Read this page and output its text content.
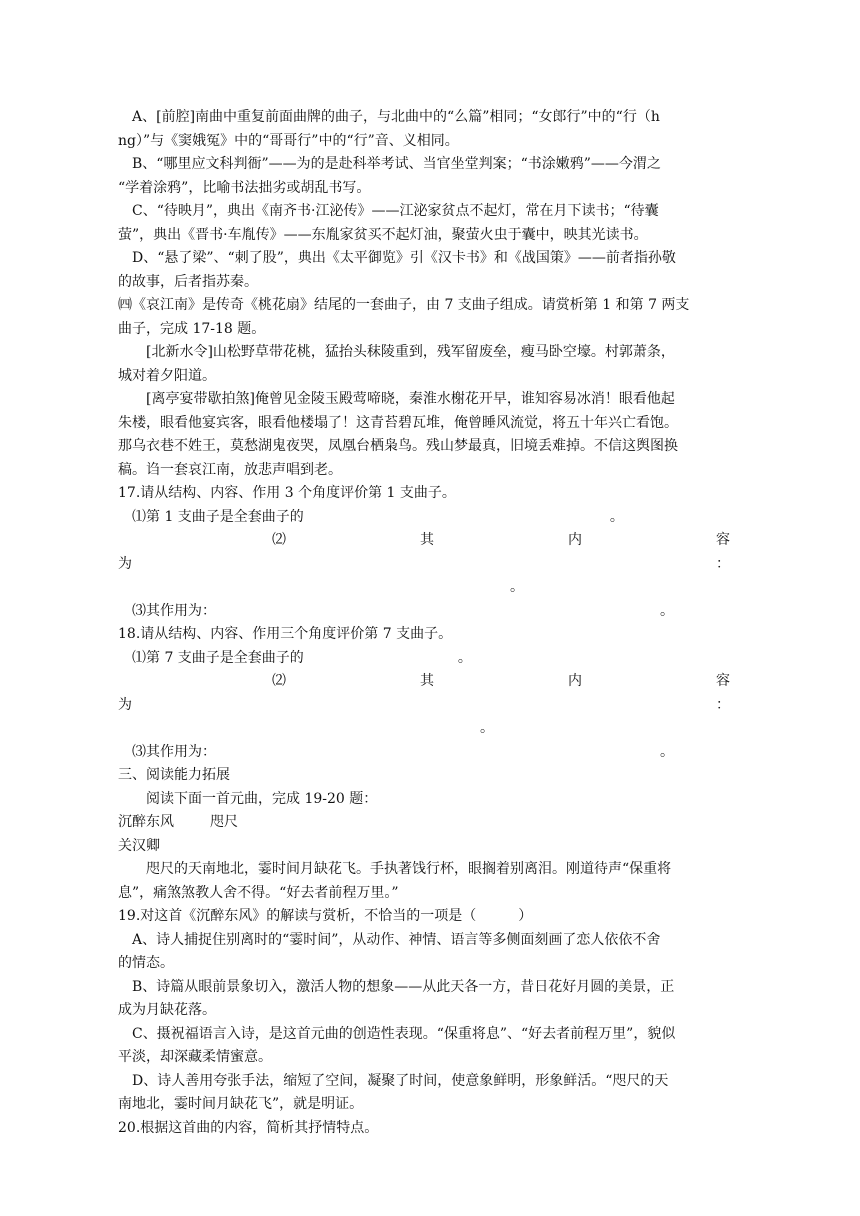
A、[前腔]南曲中重复前面曲牌的曲子，与北曲中的“么篇”相同；“女郎行”中的“行（h
ng）”与《窦娥冤》中的“哥哥行”中的“行”音、义相同。
B、“哪里应文科判衙”——为的是赴科举考试、当官坐堂判案；“书涂嫩鸦”——今渭之
“学着涂鸦”，比喻书法拙劣或胡乱书写。
C、“待映月”，典出《南齐书·江泌传》——江泌家贫点不起灯，常在月下读书；“待囊
萤”，典出《晋书·车胤传》——东胤家贫买不起灯油，聚萤火虫于囊中，映其光读书。
D、“悬了梁”、“刺了股”，典出《太平御览》引《汉卡书》和《战国策》——前者指孙敬
的故事，后者指苏秦。
㈣《哀江南》是传奇《桃花扇》结尾的一套曲子，由 7 支曲子组成。请赏析第 1 和第 7 两支
曲子，完成 17-18 题。
[北新水令]山松野草带花桃，猛抬头秣陵重到，残军留废垒，瘦马卧空壕。村郭萧条，
城对着夕阳道。
[离亭宴带歇拍煞]俺曾见金陵玉殿莺啼晓，秦淮水榭花开早，谁知容易冰消！眼看他起
朱楼，眼看他宴宾客，眼看他楼塌了！这青苔碧瓦堆，俺曾睡风流觉，将五十年兴亡看饱。
那乌衣巷不姓王，莫愁湖鬼夜哭，凤凰台栖枭鸟。残山梦最真，旧境丢难掉。不信这舆图换
稿。诌一套哀江南，放悲声唱到老。
17.请从结构、内容、作用 3 个角度评价第 1 支曲子。
⑴第 1 支曲子是全套曲子的	。
⑵	其	内	容
为	：
。
⑶其作用为：	。
18.请从结构、内容、作用三个角度评价第 7 支曲子。
⑴第 7 支曲子是全套曲子的	。
⑵	其	内	容
为	：
。
⑶其作用为：	。
三、阅读能力拓展
阅读下面一首元曲，完成 19-20 题：
沉醉东风	咫尺
关汉卿
咫尺的天南地北，霎时间月缺花飞。手执著饯行杯，眼搁着别离泪。刚道待声“保重将
息”，痛煞煞教人舍不得。“好去者前程万里。”
19.对这首《沉醉东风》的解读与赏析，不恰当的一项是（　　　）
A、诗人捕捉住别离时的“霎时间”，从动作、神情、语言等多侧面刻画了恋人依依不舍
的情态。
B、诗篇从眼前景象切入，激活人物的想象——从此天各一方，昔日花好月圆的美景，正
成为月缺花落。
C、摄祝福语言入诗，是这首元曲的创造性表现。“保重将息”、“好去者前程万里”，貌似
平淡，却深藏柔情蜜意。
D、诗人善用夸张手法，缩短了空间，凝聚了时间，使意象鲜明，形象鲜活。“咫尺的天
南地北，霎时间月缺花飞”，就是明证。
20.根据这首曲的内容，简析其抒情特点。
